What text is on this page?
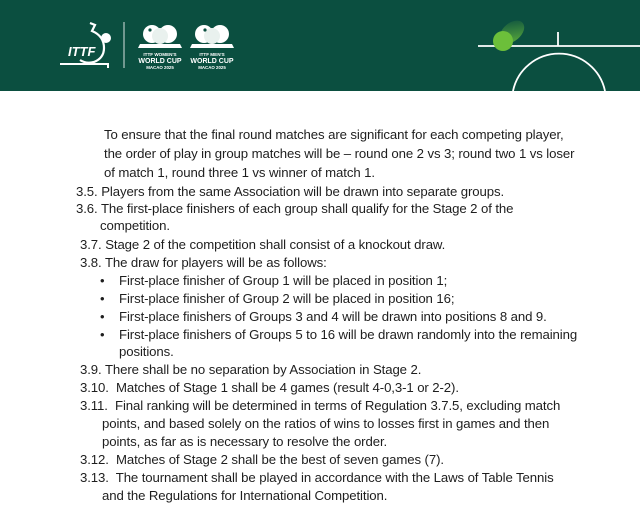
ITTF	ITTF WOMEN'S
WORLD CUP
MACAO 2025
ITTF MEN'S
WORLD CUP
MACAO 2025
To ensure that the final round matches are significant for each competing player,
the order of play in group matches will be – round one 2 vs 3; round two 1 vs loser
of match 1, round three 1 vs winner of match 1.
3.5. Players from the same Association will be drawn into separate groups.
3.6. The first-place finishers of each group shall qualify for the Stage 2 of the
competition.
3.7. Stage 2 of the competition shall consist of a knockout draw.
3.8. The draw for players will be as follows:
• First-place finisher of Group 1 will be placed in position 1;
• First-place finisher of Group 2 will be placed in position 16;
• First-place finishers of Groups 3 and 4 will be drawn into positions 8 and 9.
• First-place finishers of Groups 5 to 16 will be drawn randomly into the remaining
positions.
3.9. There shall be no separation by Association in Stage 2.
3.10. Matches of Stage 1 shall be 4 games (result 4-0,3-1 or 2-2).
3.11. Final ranking will be determined in terms of Regulation 3.7.5, excluding match
points, and based solely on the ratios of wins to losses first in games and then
points, as far as is necessary to resolve the order.
3.12. Matches of Stage 2 shall be the best of seven games (7).
3.13. The tournament shall be played in accordance with the Laws of Table Tennis
and the Regulations for International Competition.
